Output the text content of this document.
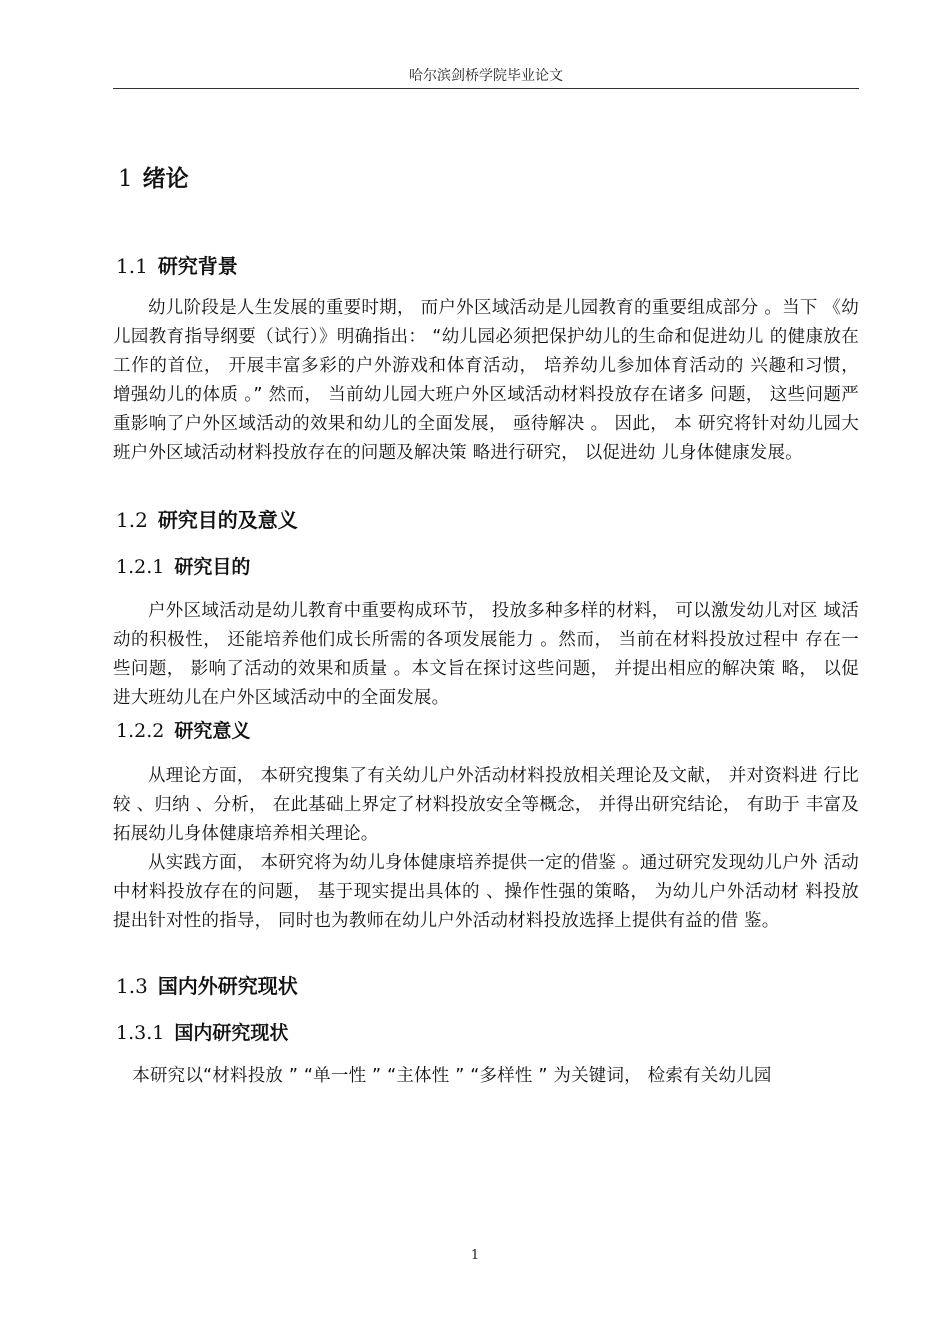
哈尔滨剑桥学院毕业论文
1 绪论
1.1 研究背景

幼儿阶段是人生发展的重要时期， 而户外区域活动是儿园教育的重要组成部分 。当下 《幼儿园教育指导纲要（试行）》明确指出： “幼儿园必须把保护幼儿的生命和促进幼儿 的健康放在工作的首位， 开展丰富多彩的户外游戏和体育活动， 培养幼儿参加体育活动的 兴趣和习惯， 增强幼儿的体质 。” 然而， 当前幼儿园大班户外区域活动材料投放存在诸多 问题， 这些问题严重影响了户外区域活动的效果和幼儿的全面发展， 亟待解决 。 因此， 本 研究将针对幼儿园大班户外区域活动材料投放存在的问题及解决策 略进行研究， 以促进幼 儿身体健康发展。

1.2 研究目的及意义
1.2.1 研究目的

户外区域活动是幼儿教育中重要构成环节， 投放多种多样的材料， 可以激发幼儿对区 域活动的积极性， 还能培养他们成长所需的各项发展能力 。然而， 当前在材料投放过程中 存在一些问题， 影响了活动的效果和质量 。本文旨在探讨这些问题， 并提出相应的解决策 略， 以促进大班幼儿在户外区域活动中的全面发展。

1.2.2 研究意义

从理论方面， 本研究搜集了有关幼儿户外活动材料投放相关理论及文献， 并对资料进 行比较 、归纳 、分析， 在此基础上界定了材料投放安全等概念， 并得出研究结论， 有助于 丰富及拓展幼儿身体健康培养相关理论。

从实践方面， 本研究将为幼儿身体健康培养提供一定的借鉴 。通过研究发现幼儿户外 活动中材料投放存在的问题， 基于现实提出具体的 、操作性强的策略， 为幼儿户外活动材 料投放提出针对性的指导， 同时也为教师在幼儿户外活动材料投放选择上提供有益的借 鉴。

1.3 国内外研究现状
1.3.1 国内研究现状

本研究以“材料投放 ” “单一性 ” “主体性 ” “多样性 ” 为关键词， 检索有关幼儿园

1
